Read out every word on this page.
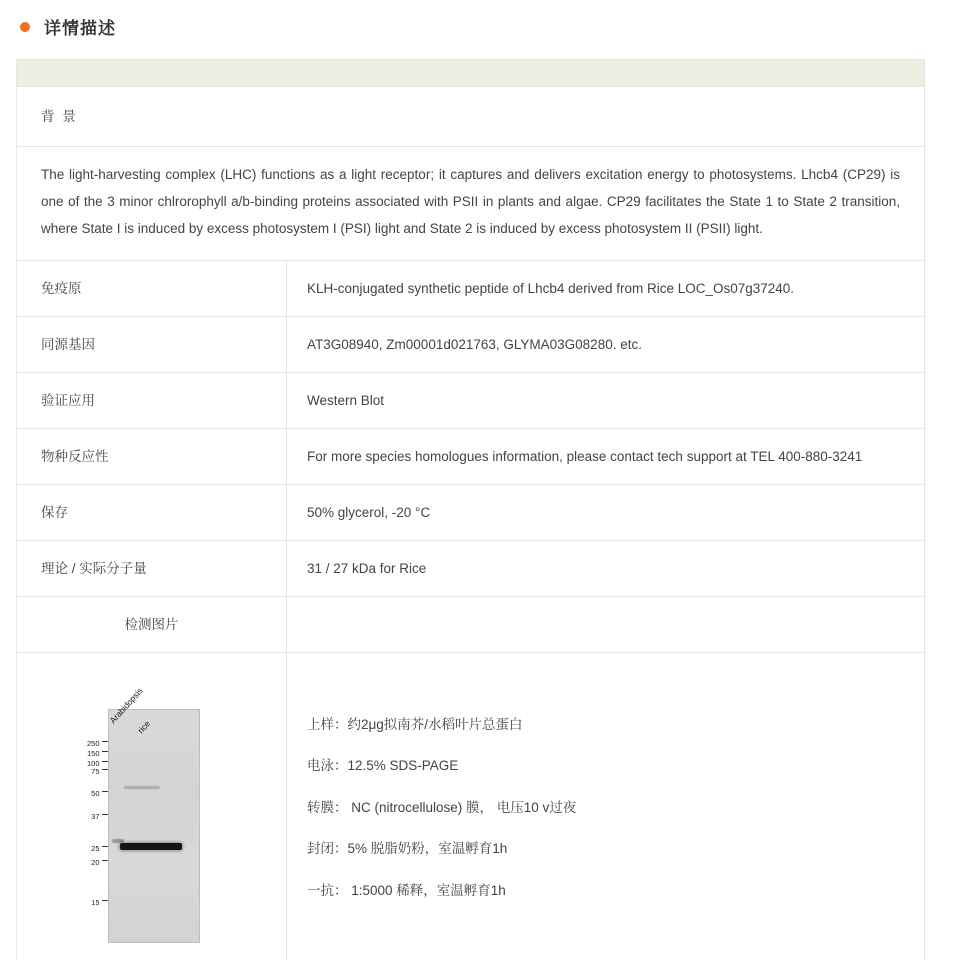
详情描述

背 景	
The light-harvesting complex (LHC) functions as a light receptor; it captures and delivers excitation energy to photosystems. Lhcb4 (CP29) is one of the 3 minor chlrorophyll a/b-binding proteins associated with PSII in plants and algae. CP29 facilitates the State 1 to State 2 transition, where State I is induced by excess photosystem I (PSI) light and State 2 is induced by excess photosystem II (PSII) light.	
免疫原	KLH-conjugated synthetic peptide of Lhcb4 derived from Rice LOC_Os07g37240.
同源基因	AT3G08940, Zm00001d021763, GLYMA03G08280. etc.
验证应用	Western Blot
物种反应性	For more species homologues information, please contact tech support at TEL 400-880-3241
保存	50% glycerol, -20 °C
理论 / 实际分子量	31 / 27 kDa for Rice
检测图片	

Arabidopsis
rice
250
150
100
75
50
37
25
20
15

上样：约2μg拟南芥/水稻叶片总蛋白
电泳：12.5% SDS-PAGE
转膜： NC (nitrocellulose) 膜， 电压10 v过夜
封闭：5% 脱脂奶粉，室温孵育1h
一抗： 1:5000 稀释，室温孵育1h
